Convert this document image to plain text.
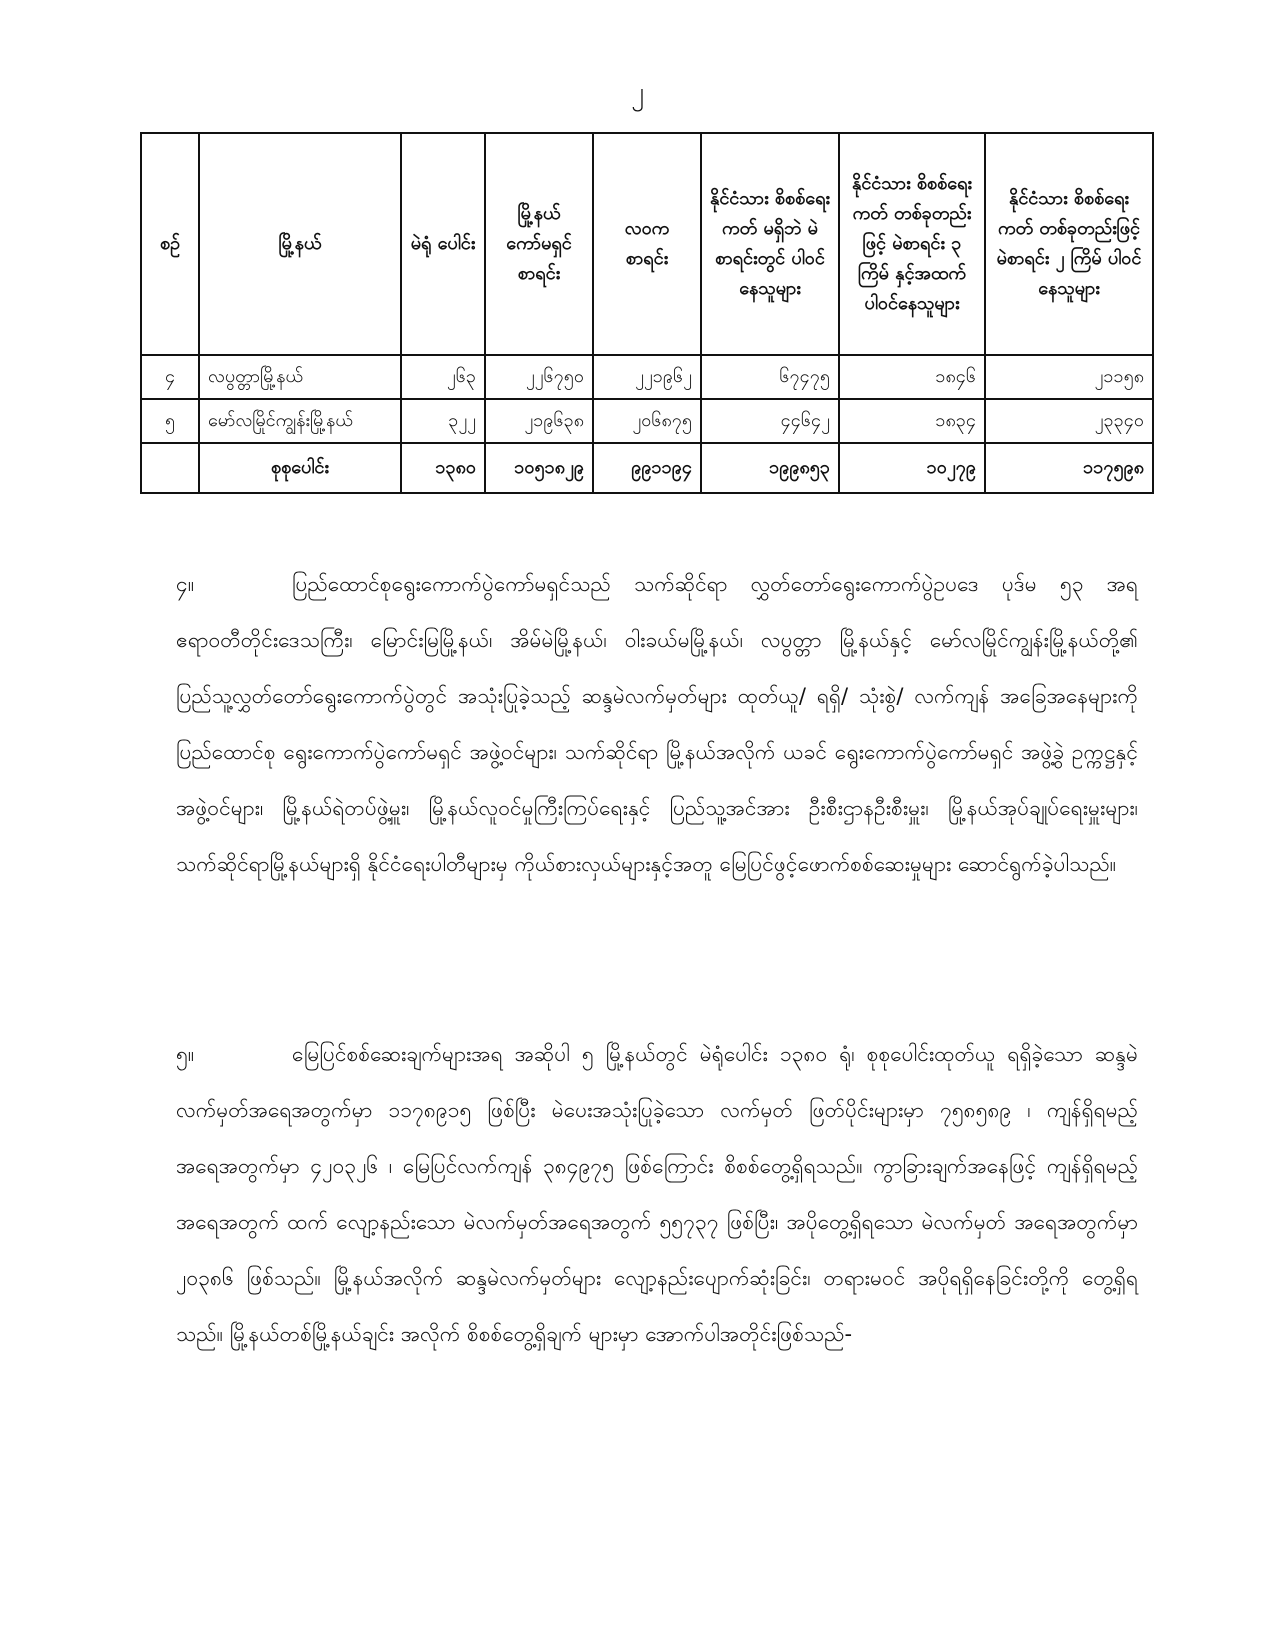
၂
စဉ်	မြို့နယ်	မဲရုံ ပေါင်း	မြို့နယ် ကော်မရှင် စာရင်း	လဝက စာရင်း	နိုင်ငံသား စိစစ်ရေးကတ် မရှိဘဲ မဲစာရင်းတွင် ပါဝင်နေသူများ	နိုင်ငံသား စိစစ်ရေးကတ် တစ်ခုတည်းဖြင့် မဲစာရင်း ၃ ကြိမ် နှင့်အထက် ပါဝင်နေသူများ	နိုင်ငံသား စိစစ်ရေးကတ် တစ်ခုတည်းဖြင့် မဲစာရင်း ၂ ကြိမ် ပါဝင်နေသူများ
၄	လပွတ္တာမြို့နယ်	၂၆၃	၂၂၆၇၅၀	၂၂၁၉၆၂	၆၇၄၇၅	၁၈၄၆	၂၁၁၅၈
၅	မော်လမြိုင်ကျွန်းမြို့နယ်	၃၂၂	၂၁၉၆၃၈	၂၀၆၈၇၅	၄၄၆၄၂	၁၈၃၄	၂၃၃၄၀
	စုစုပေါင်း	၁၃၈၀	၁၀၅၁၈၂၉	၉၉၁၁၉၄	၁၉၉၈၅၃	၁၀၂၇၉	၁၁၇၅၉၈

၄။	ပြည်ထောင်စုရွေးကောက်ပွဲကော်မရှင်သည် သက်ဆိုင်ရာ လွှတ်တော်ရွေးကောက်ပွဲဥပဒေ ပုဒ်မ ၅၃ အရ ဧရာဝတီတိုင်းဒေသကြီး၊ မြောင်းမြမြို့နယ်၊ အိမ်မဲမြို့နယ်၊ ဝါးခယ်မမြို့နယ်၊ လပွတ္တာ မြို့နယ်နှင့် မော်လမြိုင်ကျွန်းမြို့နယ်တို့၏ ပြည်သူ့လွှတ်တော်ရွေးကောက်ပွဲတွင် အသုံးပြုခဲ့သည့် ဆန္ဒမဲလက်မှတ်များ ထုတ်ယူ/ ရရှိ/ သုံးစွဲ/ လက်ကျန် အခြေအနေများကို ပြည်ထောင်စု ရွေးကောက်ပွဲကော်မရှင် အဖွဲ့ဝင်များ၊ သက်ဆိုင်ရာ မြို့နယ်အလိုက် ယခင် ရွေးကောက်ပွဲကော်မရှင် အဖွဲ့ခွဲ ဥက္ကဋ္ဌနှင့် အဖွဲ့ဝင်များ၊ မြို့နယ်ရဲတပ်ဖွဲ့မှူး၊ မြို့နယ်လူဝင်မှုကြီးကြပ်ရေးနှင့် ပြည်သူ့အင်အား ဦးစီးဌာနဦးစီးမှူး၊ မြို့နယ်အုပ်ချုပ်ရေးမှူးများ၊ သက်ဆိုင်ရာမြို့နယ်များရှိ နိုင်ငံရေးပါတီများမှ ကိုယ်စားလှယ်များနှင့်အတူ မြေပြင်ဖွင့်ဖောက်စစ်ဆေးမှုများ ဆောင်ရွက်ခဲ့ပါသည်။

၅။	မြေပြင်စစ်ဆေးချက်များအရ အဆိုပါ ၅ မြို့နယ်တွင် မဲရုံပေါင်း ၁၃၈၀ ရုံ၊ စုစုပေါင်းထုတ်ယူ ရရှိခဲ့သော ဆန္ဒမဲလက်မှတ်အရေအတွက်မှာ ၁၁၇၈၉၁၅ ဖြစ်ပြီး မဲပေးအသုံးပြုခဲ့သော လက်မှတ် ဖြတ်ပိုင်းများမှာ ၇၅၈၅၈၉ ၊ ကျန်ရှိရမည့်အရေအတွက်မှာ ၄၂၀၃၂၆ ၊ မြေပြင်လက်ကျန် ၃၈၄၉၇၅ ဖြစ်ကြောင်း စိစစ်တွေ့ရှိရသည်။ ကွာခြားချက်အနေဖြင့် ကျန်ရှိရမည့် အရေအတွက် ထက် လျော့နည်းသော မဲလက်မှတ်အရေအတွက် ၅၅၇၃၇ ဖြစ်ပြီး၊ အပိုတွေ့ရှိရသော မဲလက်မှတ် အရေအတွက်မှာ ၂၀၃၈၆ ဖြစ်သည်။ မြို့နယ်အလိုက် ဆန္ဒမဲလက်မှတ်များ လျော့နည်းပျောက်ဆုံးခြင်း၊ တရားမဝင် အပိုရရှိနေခြင်းတို့ကို တွေ့ရှိရသည်။ မြို့နယ်တစ်မြို့နယ်ချင်း အလိုက် စိစစ်တွေ့ရှိချက် များမှာ အောက်ပါအတိုင်းဖြစ်သည်-
